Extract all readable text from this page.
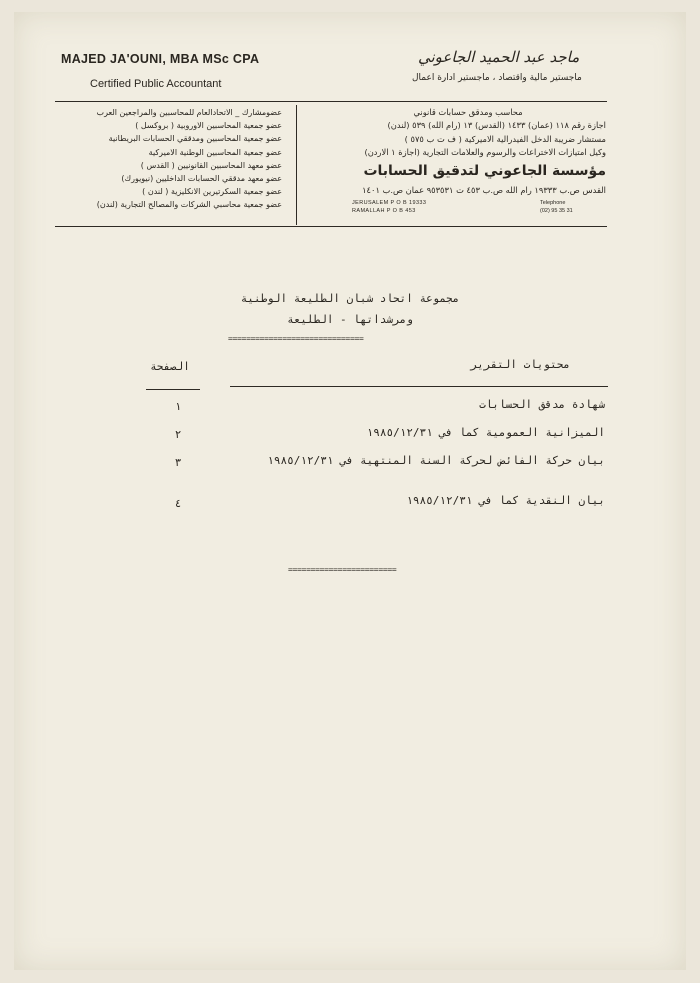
MAJED JA'OUNI, MBA MSc CPA
Certified Public Accountant
ماجد عبد الحميد الجاعوني
ماجستير مالية واقتصاد ، ماجستير ادارة اعمال
عضومشارك _ الاتحادالعام للمحاسبين والمراجعين العرب
عضو جمعية المحاسبين الاوروبية ( بروكسل )
عضو جمعية المحاسبين ومدققي الحسابات البريطانية
عضو جمعية المحاسبين الوطنية الاميركية
عضو معهد المحاسبين القانونيين ( القدس )
عضو معهد مدققي الحسابات الداخليين (نيويورك)
عضو جمعية السكرتيرين الانكليزية ( لندن )
عضو جمعية محاسبي الشركات والمصالح التجارية (لندن)
محاسب ومدقق حسابات قانوني
اجازة رقم ١١٨ (عمان) ١٤٣٣ (القدس) ١٣ (رام الله) ٥٣٩ (لندن)
مستشار ضريبة الدخل الفيدرالية الاميركية ( ف ت ب ٥٧٥ )
وكيل امتيازات الاختراعات والرسوم والعلامات التجارية (اجازة ١ الاردن)
مؤسسة الجاعوني لتدقيق الحسابات
القدس ص.ب ١٩٣٣٣ رام الله ص.ب ٤٥٣ ت ٩٥٣٥٣١ عمان ص.ب ١٤٠١
JERUSALEM P O B 19333
RAMALLAH P O B 453
Telephone
(02) 95 35 31
مجموعة اتحاد شبان الطليعة الوطنية
ومرشداتها - الطليعة
==============================
محتويات التقرير
الصفحة
شهادة مدقق الحسابات
١
الميزانية العمومية كما في ١٩٨٥/١٢/٣١
٢
بيان حركة الفائض لحركة السنة المنتهية في ١٩٨٥/١٢/٣١
٣
بيان النقدية كما في ١٩٨٥/١٢/٣١
٤
========================
